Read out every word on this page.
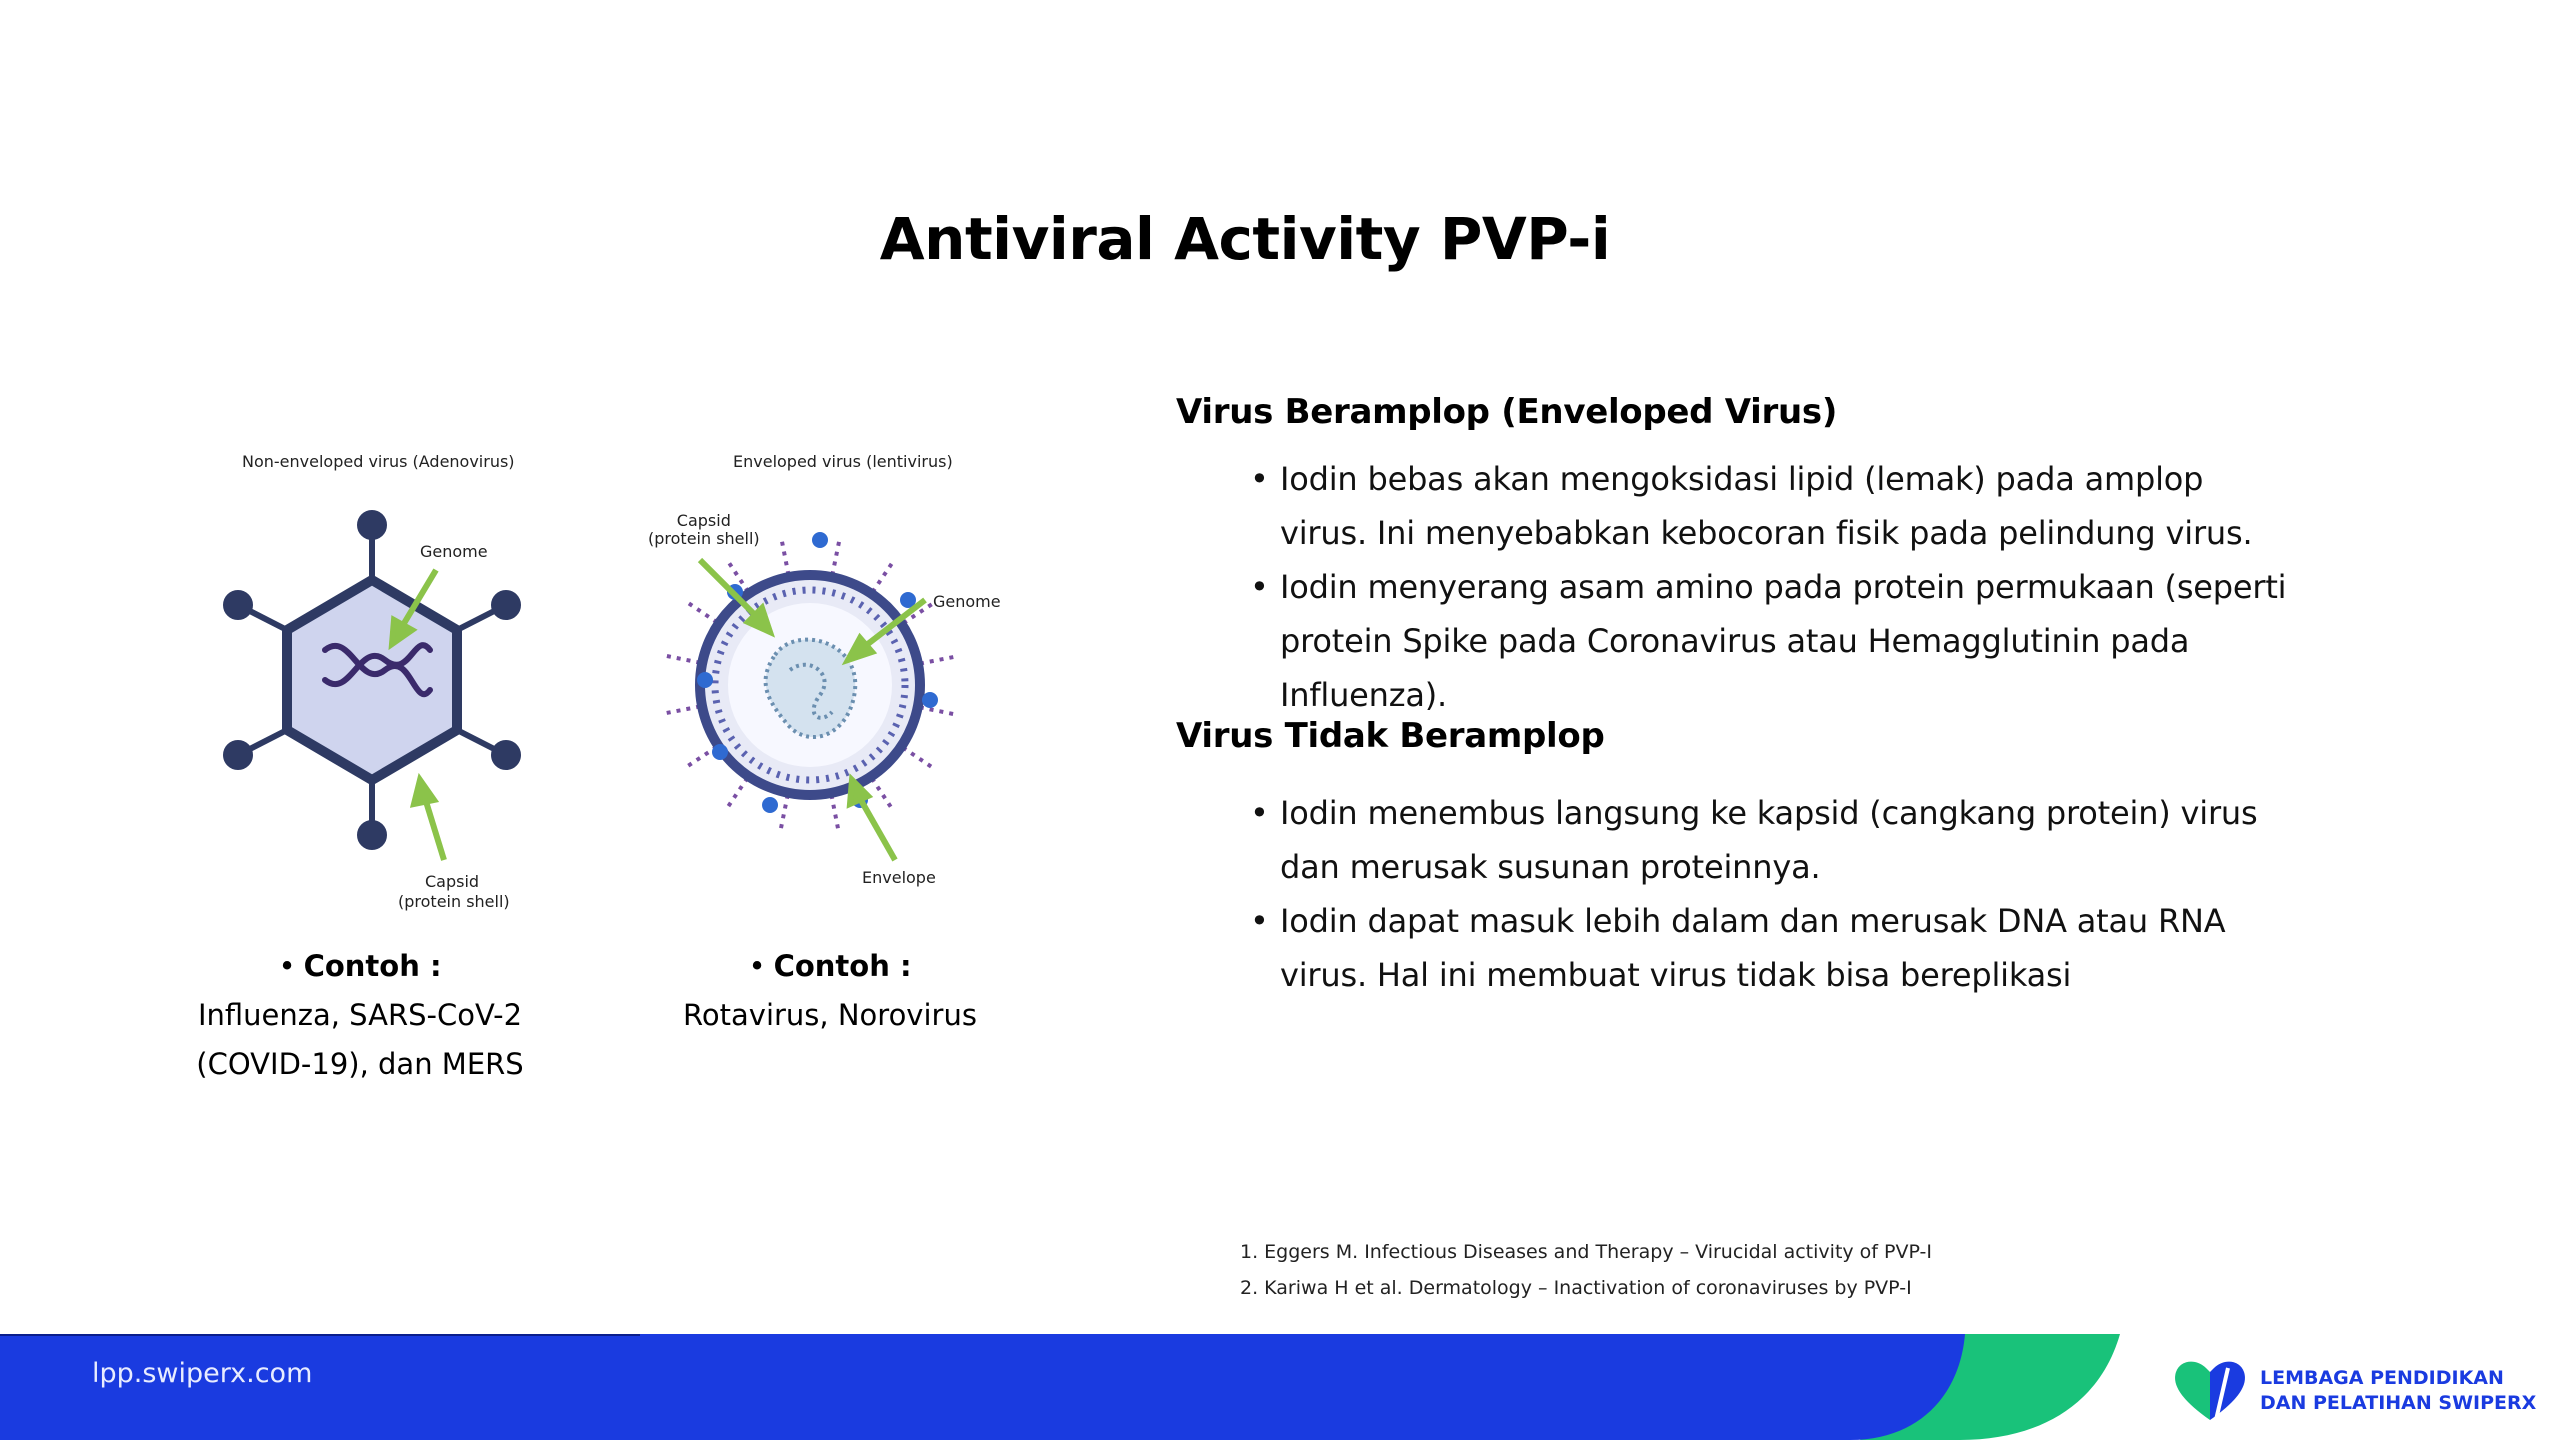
Antiviral Activity PVP-i
Non-enveloped virus (Adenovirus)
Genome
Capsid
(protein shell)
Enveloped virus (lentivirus)
Capsid
(protein shell)
Genome
Envelope
• Contoh :
Influenza, SARS-CoV-2
(COVID-19), dan MERS
• Contoh :
Rotavirus, Norovirus
Virus Beramplop (Enveloped Virus)
• Iodin bebas akan mengoksidasi lipid (lemak) pada amplop virus. Ini menyebabkan kebocoran fisik pada pelindung virus.
• Iodin menyerang asam amino pada protein permukaan (seperti protein Spike pada Coronavirus atau Hemagglutinin pada Influenza).
Virus Tidak Beramplop
• Iodin menembus langsung ke kapsid (cangkang protein) virus dan merusak susunan proteinnya.
• Iodin dapat masuk lebih dalam dan merusak DNA atau RNA virus. Hal ini membuat virus tidak bisa bereplikasi
1. Eggers M. Infectious Diseases and Therapy – Virucidal activity of PVP-I
2. Kariwa H et al. Dermatology – Inactivation of coronaviruses by PVP-I
lpp.swiperx.com	LEMBAGA PENDIDIKAN
DAN PELATIHAN SWIPERX
